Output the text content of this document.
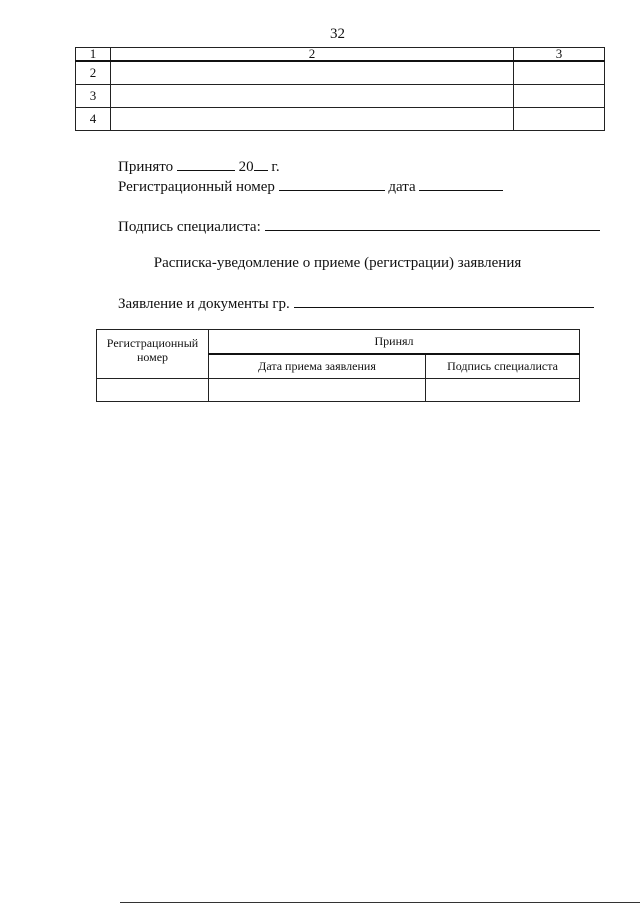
32
1	2	3
2		
3		
4		
Принято	20 г.
Регистрационный номер	дата
Подпись специалиста:
Расписка-уведомление о приеме (регистрации) заявления
Заявление и документы гр.
Регистрационный номер	Принял	
	Дата приема заявления	Подпись специалиста
